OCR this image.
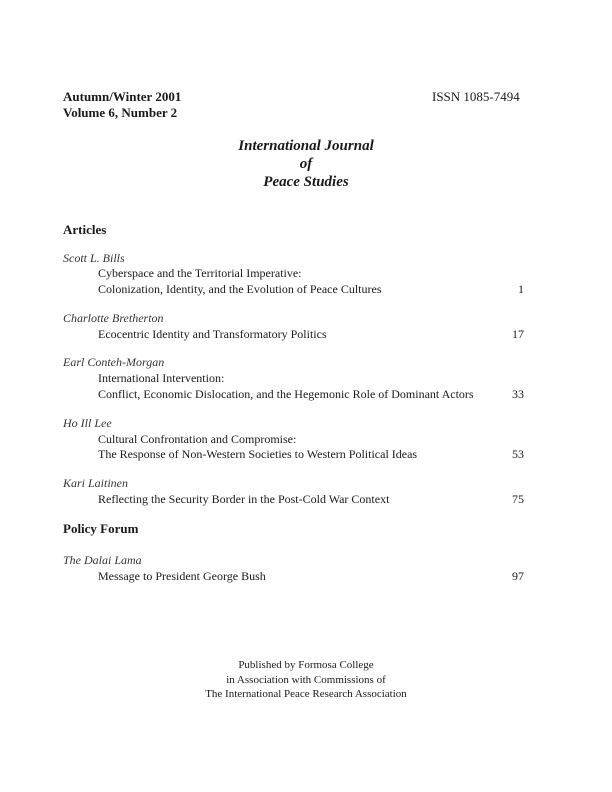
Autumn/Winter 2001
Volume 6, Number 2
ISSN 1085-7494
International Journal
of
Peace Studies
Articles
Scott L. Bills
Cyberspace and the Territorial Imperative:
Colonization, Identity, and the Evolution of Peace Cultures	1
Charlotte Bretherton
Ecocentric Identity and Transformatory Politics	17
Earl Conteh-Morgan
International Intervention:
Conflict, Economic Dislocation, and the Hegemonic Role of Dominant Actors	33
Ho Ill Lee
Cultural Confrontation and Compromise:
The Response of Non-Western Societies to Western Political Ideas	53
Kari Laitinen
Reflecting the Security Border in the Post-Cold War Context	75
Policy Forum
The Dalai Lama
Message to President George Bush	97
Published by Formosa College
in Association with Commissions of
The International Peace Research Association
